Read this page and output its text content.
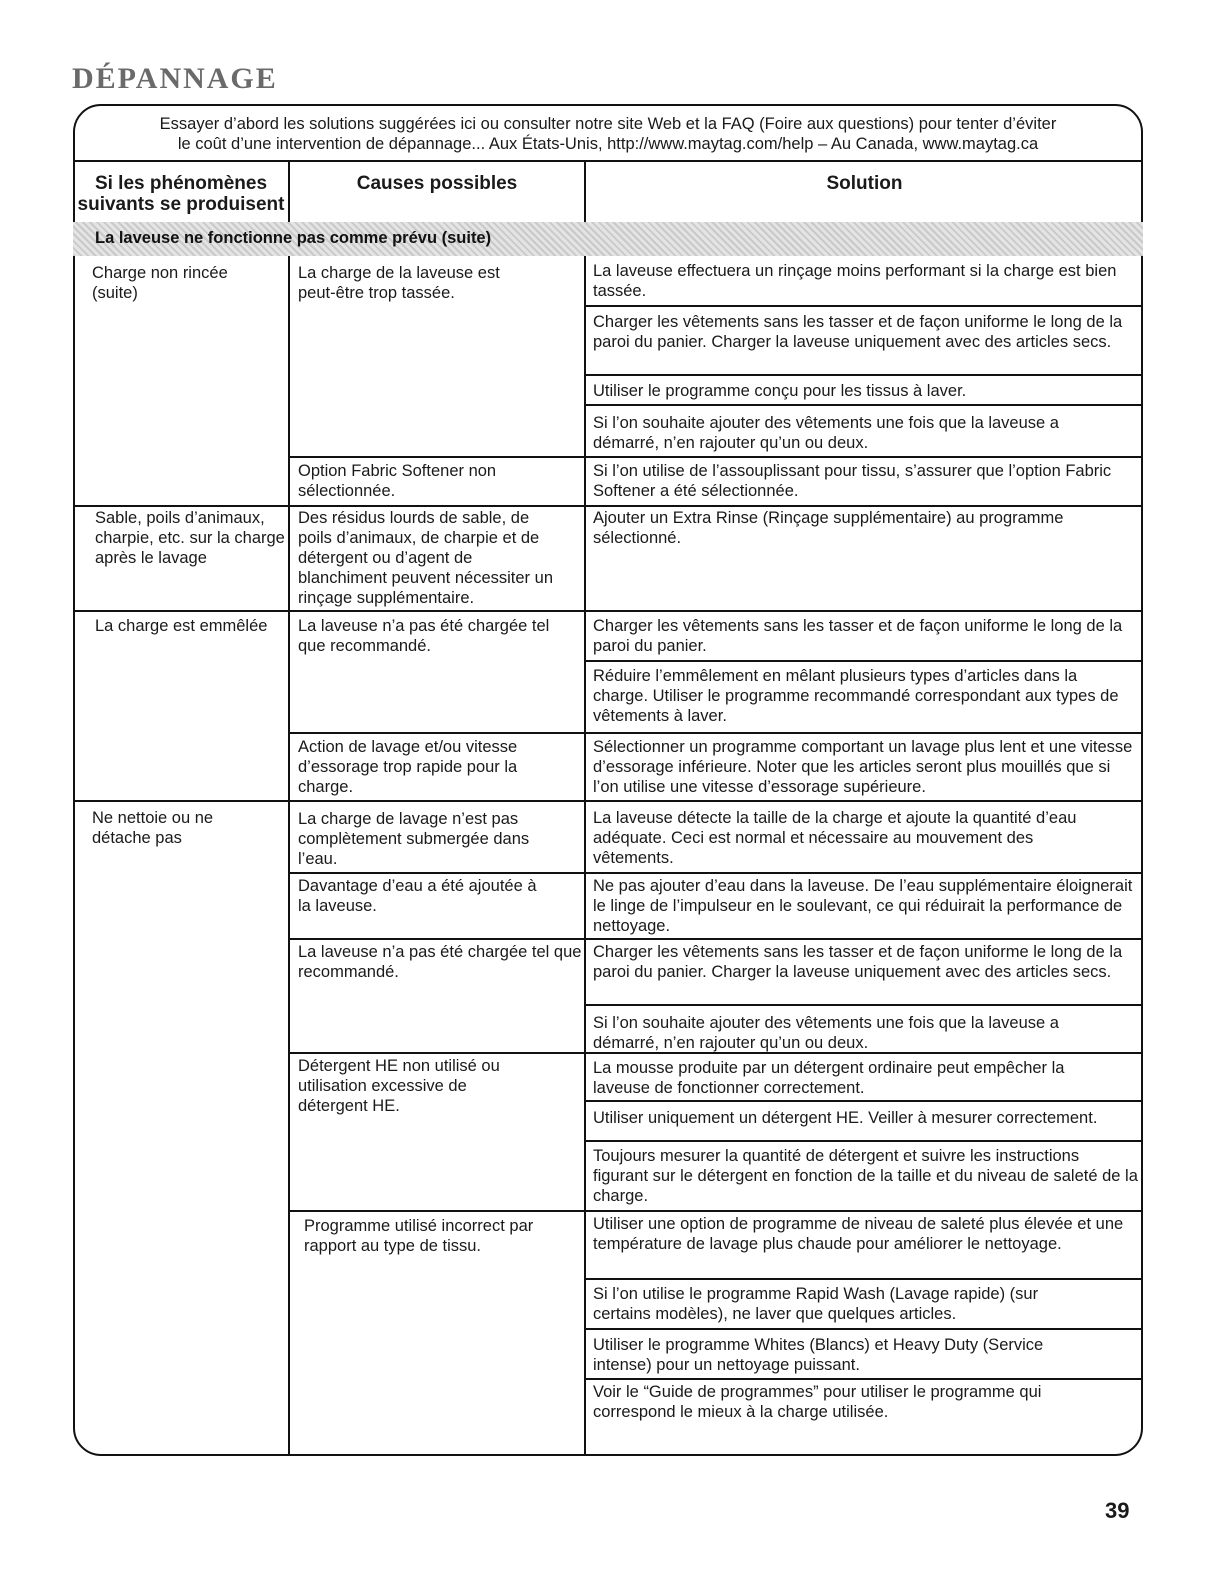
DÉPANNAGE
Essayer d’abord les solutions suggérées ici ou consulter notre site Web et la FAQ (Foire aux questions) pour tenter d’éviter
le coût d’une intervention de dépannage... Aux États-Unis, http://www.maytag.com/help – Au Canada, www.maytag.ca
Si les phénomènes suivants se produisent
Causes possibles	Solution
La laveuse ne fonctionne pas comme prévu (suite)
Charge non rincée (suite)
Sable, poils d’animaux, charpie, etc. sur la charge après le lavage
La charge est emmêlée
Ne nettoie ou ne détache pas
La charge de la laveuse est peut-être trop tassée.
Option Fabric Softener non sélectionnée.
Des résidus lourds de sable, de poils d’animaux, de charpie et de détergent ou d’agent de blanchiment peuvent nécessiter un rinçage supplémentaire.
La laveuse n’a pas été chargée tel que recommandé.
Action de lavage et/ou vitesse d’essorage trop rapide pour la charge.
La charge de lavage n’est pas complètement submergée dans l’eau.
Davantage d’eau a été ajoutée à la laveuse.
La laveuse n’a pas été chargée tel que recommandé.
Détergent HE non utilisé ou utilisation excessive de détergent HE.
Programme utilisé incorrect par rapport au type de tissu.
La laveuse effectuera un rinçage moins performant si la charge est bien tassée.
Charger les vêtements sans les tasser et de façon uniforme le long de la paroi du panier. Charger la laveuse uniquement avec des articles secs.
Utiliser le programme conçu pour les tissus à laver.
Si l’on souhaite ajouter des vêtements une fois que la laveuse a démarré, n’en rajouter qu’un ou deux.
Si l’on utilise de l’assouplissant pour tissu, s’assurer que l’option Fabric Softener a été sélectionnée.
Ajouter un Extra Rinse (Rinçage supplémentaire) au programme sélectionné.
Charger les vêtements sans les tasser et de façon uniforme le long de la paroi du panier.
Réduire l’emmêlement en mêlant plusieurs types d’articles dans la charge. Utiliser le programme recommandé correspondant aux types de vêtements à laver.
Sélectionner un programme comportant un lavage plus lent et une vitesse d’essorage inférieure. Noter que les articles seront plus mouillés que si l’on utilise une vitesse d’essorage supérieure.
La laveuse détecte la taille de la charge et ajoute la quantité d’eau adéquate. Ceci est normal et nécessaire au mouvement des vêtements.
Ne pas ajouter d’eau dans la laveuse. De l’eau supplémentaire éloignerait le linge de l’impulseur en le soulevant, ce qui réduirait la performance de nettoyage.
Charger les vêtements sans les tasser et de façon uniforme le long de la paroi du panier. Charger la laveuse uniquement avec des articles secs.
Si l’on souhaite ajouter des vêtements une fois que la laveuse a démarré, n’en rajouter qu’un ou deux.
La mousse produite par un détergent ordinaire peut empêcher la laveuse de fonctionner correctement.
Utiliser uniquement un détergent HE. Veiller à mesurer correctement.
Toujours mesurer la quantité de détergent et suivre les instructions figurant sur le détergent en fonction de la taille et du niveau de saleté de la charge.
Utiliser une option de programme de niveau de saleté plus élevée et une température de lavage plus chaude pour améliorer le nettoyage.
Si l’on utilise le programme Rapid Wash (Lavage rapide) (sur certains modèles), ne laver que quelques articles.
Utiliser le programme Whites (Blancs) et Heavy Duty (Service intense) pour un nettoyage puissant.
Voir le “Guide de programmes” pour utiliser le programme qui correspond le mieux à la charge utilisée.
39
